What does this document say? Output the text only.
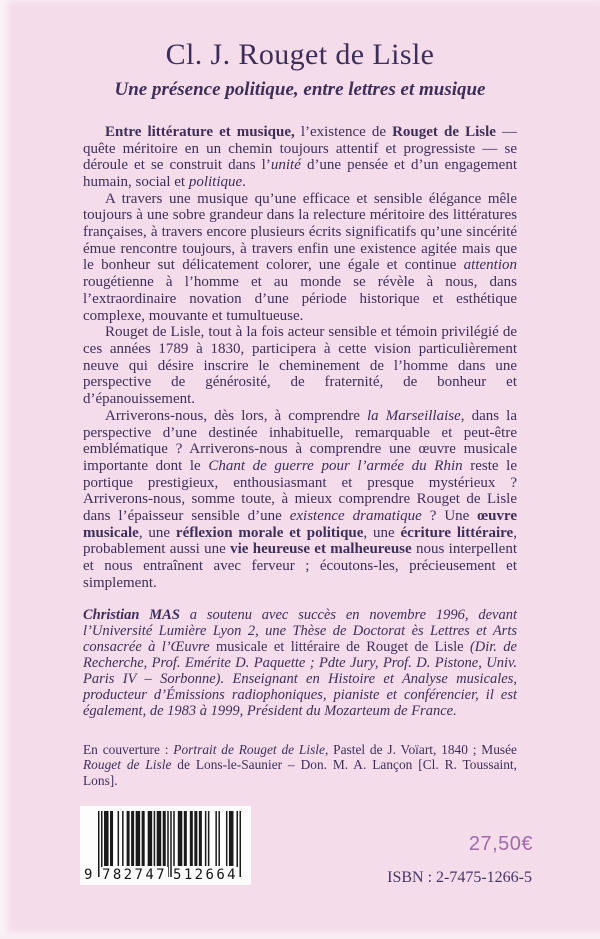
Cl. J. Rouget de Lisle
Une présence politique, entre lettres et musique

Entre littérature et musique, l’existence de Rouget de Lisle — quête méritoire en un chemin toujours attentif et progressiste — se déroule et se construit dans l’unité d’une pensée et d’un engagement humain, social et politique.

A travers une musique qu’une efficace et sensible élégance mêle toujours à une sobre grandeur dans la relecture méritoire des littératures françaises, à travers encore plusieurs écrits significatifs qu’une sincérité émue rencontre toujours, à travers enfin une existence agitée mais que le bonheur sut délicatement colorer, une égale et continue attention rougétienne à l’homme et au monde se révèle à nous, dans l’extraordinaire novation d’une période historique et esthétique complexe, mouvante et tumultueuse.

Rouget de Lisle, tout à la fois acteur sensible et témoin privilégié de ces années 1789 à 1830, participera à cette vision particulièrement neuve qui désire inscrire le cheminement de l’homme dans une perspective de générosité, de fraternité, de bonheur et d’épanouissement.

Arriverons-nous, dès lors, à comprendre la Marseillaise, dans la perspective d’une destinée inhabituelle, remarquable et peut-être emblématique ? Arriverons-nous à comprendre une œuvre musicale importante dont le Chant de guerre pour l’armée du Rhin reste le portique prestigieux, enthousiasmant et presque mystérieux ? Arriverons-nous, somme toute, à mieux comprendre Rouget de Lisle dans l’épaisseur sensible d’une existence dramatique ? Une œuvre musicale, une réflexion morale et politique, une écriture littéraire, probablement aussi une vie heureuse et malheureuse nous interpellent et nous entraînent avec ferveur ; écoutons-les, précieusement et simplement.

Christian MAS a soutenu avec succès en novembre 1996, devant l’Université Lumière Lyon 2, une Thèse de Doctorat ès Lettres et Arts consacrée à l’Œuvre musicale et littéraire de Rouget de Lisle (Dir. de Recherche, Prof. Emérite D. Paquette ; Pdte Jury, Prof. D. Pistone, Univ. Paris IV – Sorbonne). Enseignant en Histoire et Analyse musicales, producteur d’Émissions radiophoniques, pianiste et conférencier, il est également, de 1983 à 1999, Président du Mozarteum de France.

En couverture : Portrait de Rouget de Lisle, Pastel de J. Voïart, 1840 ; Musée Rouget de Lisle de Lons-le-Saunier – Don. M. A. Lançon [Cl. R. Toussaint, Lons].

9 782747 512664
27,50€
ISBN : 2-7475-1266-5
